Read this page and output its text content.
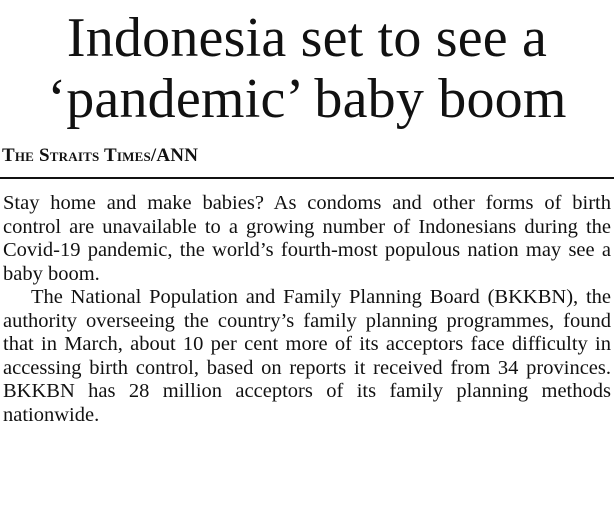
Indonesia set to see a
‘pandemic’ baby boom
The Straits Times/ANN

Stay home and make babies? As condoms and other forms of birth control are unavailable to a growing number of Indonesians during the Covid-19 pandemic, the world’s fourth-most populous nation may see a baby boom.

The National Population and Family Planning Board (BKKBN), the authority overseeing the country’s family planning programmes, found that in March, about 10 per cent more of its acceptors face difficulty in accessing birth control, based on reports it received from 34 provinces. BKKBN has 28 million acceptors of its family planning methods nationwide.
